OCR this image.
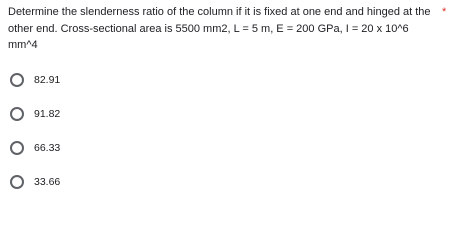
Determine the slenderness ratio of the column if it is fixed at one end and hinged at the other end. Cross-sectional area is 5500 mm2, L = 5 m, E = 200 GPa, I = 20 x 10^6 mm^4
*
82.91
91.82
66.33
33.66
